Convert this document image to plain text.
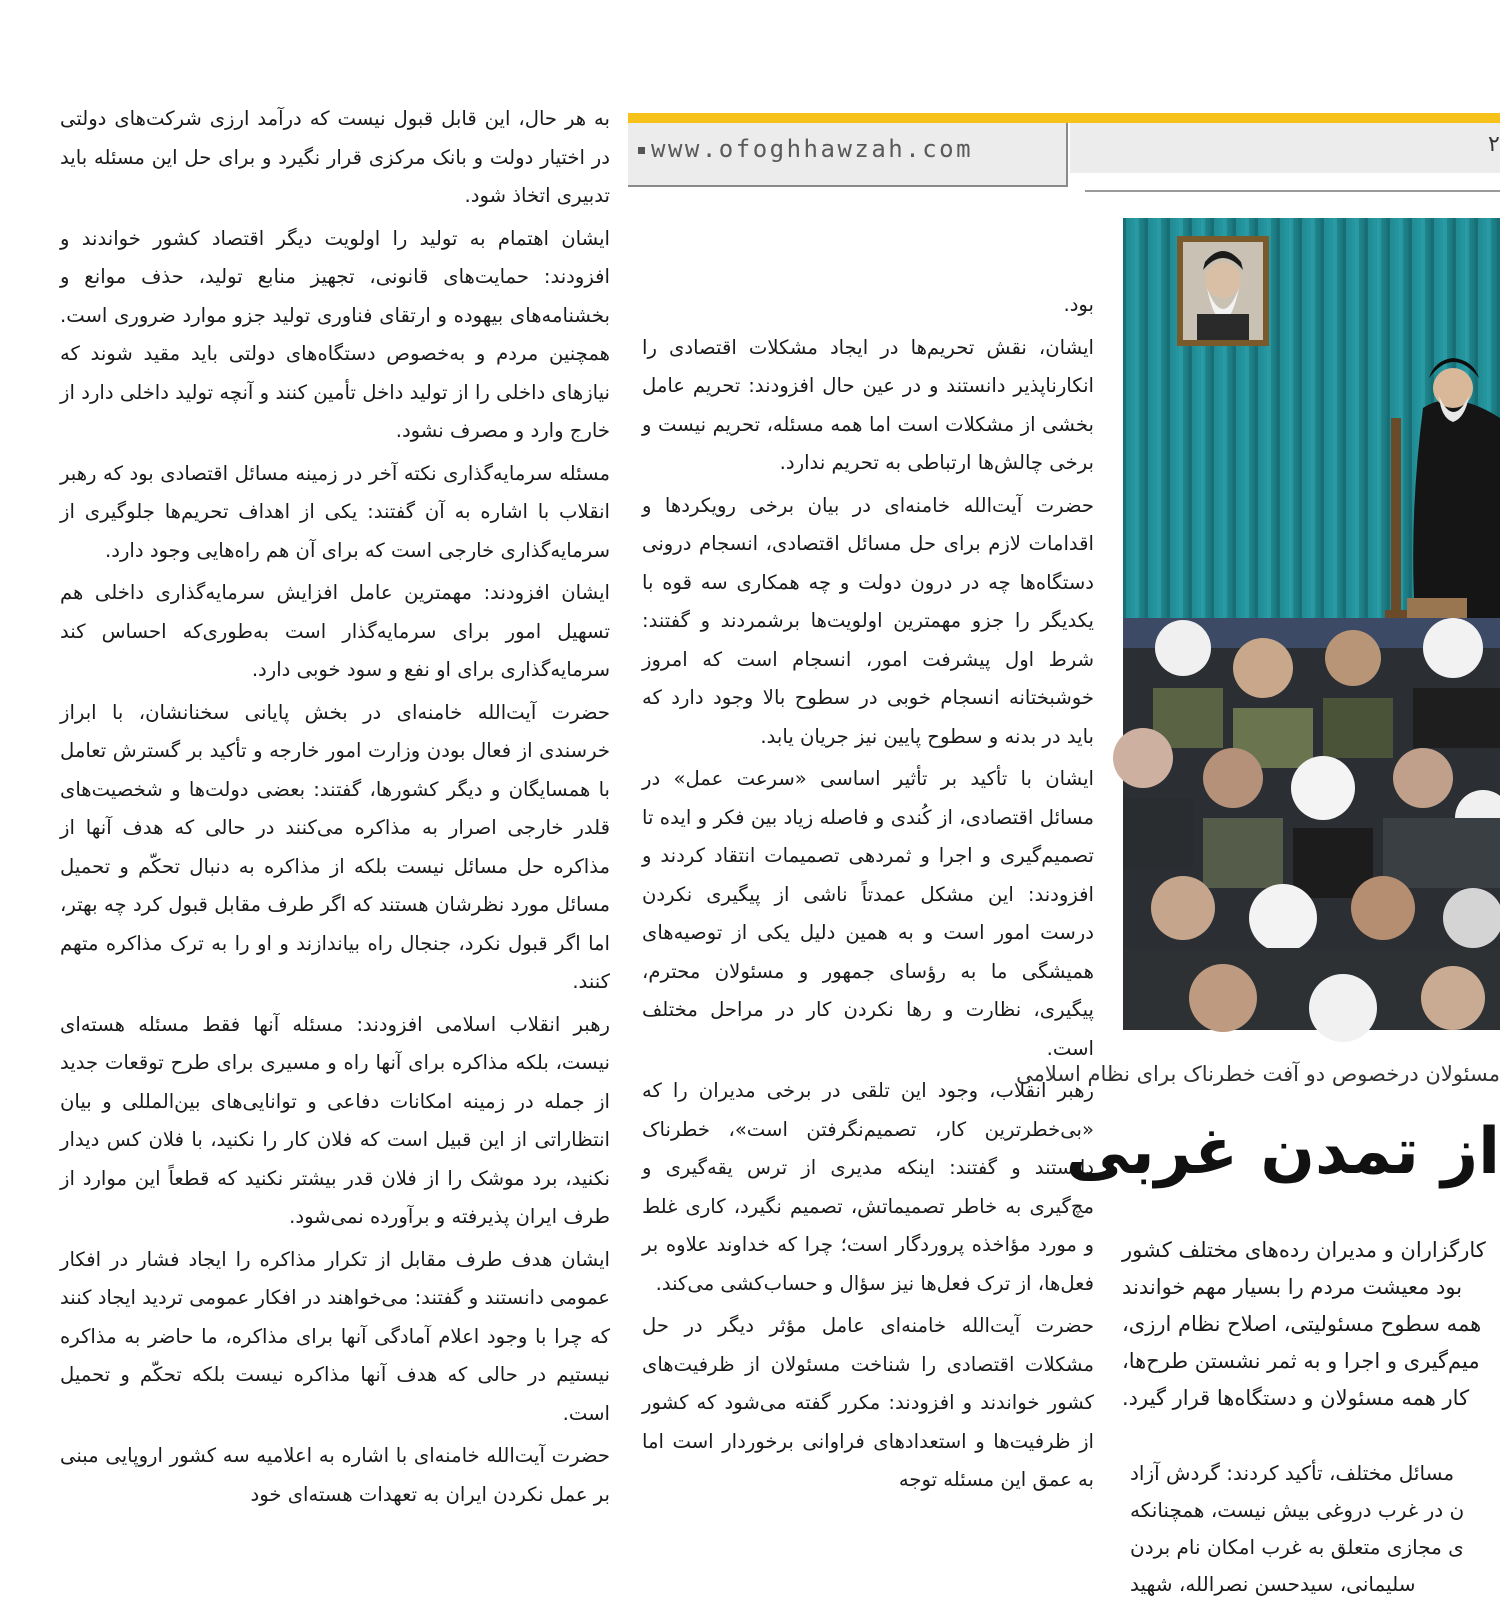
www.ofoghhawzah.com	۲

به هر حال، این قابل قبول نیست که درآمد ارزی شرکت‌های دولتی در اختیار دولت و بانک مرکزی قرار نگیرد و برای حل این مسئله باید تدبیری اتخاذ شود.

ایشان اهتمام به تولید را اولویت دیگر اقتصاد کشور خواندند و افزودند: حمایت‌های قانونی، تجهیز منابع تولید، حذف موانع و بخشنامه‌های بیهوده و ارتقای فناوری تولید جزو موارد ضروری است. همچنین مردم و به‌خصوص دستگاه‌های دولتی باید مقید شوند که نیازهای داخلی را از تولید داخل تأمین کنند و آنچه تولید داخلی دارد از خارج وارد و مصرف نشود.

مسئله سرمایه‌گذاری نکته آخر در زمینه مسائل اقتصادی بود که رهبر انقلاب با اشاره به آن گفتند: یکی از اهداف تحریم‌ها جلوگیری از سرمایه‌گذاری خارجی است که برای آن هم راه‌هایی وجود دارد.

ایشان افزودند: مهمترین عامل افزایش سرمایه‌گذاری داخلی هم تسهیل امور برای سرمایه‌گذار است به‌طوری‌که احساس کند سرمایه‌گذاری برای او نفع و سود خوبی دارد.

حضرت آیت‌الله خامنه‌ای در بخش پایانی سخنانشان، با ابراز خرسندی از فعال بودن وزارت امور خارجه و تأکید بر گسترش تعامل با همسایگان و دیگر کشورها، گفتند: بعضی دولت‌ها و شخصیت‌های قلدر خارجی اصرار به مذاکره می‌کنند در حالی که هدف آنها از مذاکره حل مسائل نیست بلکه از مذاکره به دنبال تحکّم و تحمیل مسائل مورد نظرشان هستند که اگر طرف مقابل قبول کرد چه بهتر، اما اگر قبول نکرد، جنجال راه بیاندازند و او را به ترک مذاکره متهم کنند.

رهبر انقلاب اسلامی افزودند: مسئله آنها فقط مسئله هسته‌ای نیست، بلکه مذاکره برای آنها راه و مسیری برای طرح توقعات جدید از جمله در زمینه امکانات دفاعی و توانایی‌های بین‌المللی و بیان انتظاراتی از این قبیل است که فلان کار را نکنید، با فلان کس دیدار نکنید، برد موشک را از فلان قدر بیشتر نکنید که قطعاً این موارد از طرف ایران پذیرفته و برآورده نمی‌شود.

ایشان هدف طرف مقابل از تکرار مذاکره را ایجاد فشار در افکار عمومی دانستند و گفتند: می‌خواهند در افکار عمومی تردید ایجاد کنند که چرا با وجود اعلام آمادگی آنها برای مذاکره، ما حاضر به مذاکره نیستیم در حالی که هدف آنها مذاکره نیست بلکه تحکّم و تحمیل است.

حضرت آیت‌الله خامنه‌ای با اشاره به اعلامیه سه کشور اروپایی مبنی بر عمل نکردن ایران به تعهدات هسته‌ای خود

بود.

ایشان، نقش تحریم‌ها در ایجاد مشکلات اقتصادی را انکارناپذیر دانستند و در عین حال افزودند: تحریم عامل بخشی از مشکلات است اما همه مسئله، تحریم نیست و برخی چالش‌ها ارتباطی به تحریم ندارد.

حضرت آیت‌الله خامنه‌ای در بیان برخی رویکردها و اقدامات لازم برای حل مسائل اقتصادی، انسجام درونی دستگاه‌ها چه در درون دولت و چه همکاری سه قوه با یکدیگر را جزو مهمترین اولویت‌ها برشمردند و گفتند: شرط اول پیشرفت امور، انسجام است که امروز خوشبختانه انسجام خوبی در سطوح بالا وجود دارد که باید در بدنه و سطوح پایین نیز جریان یابد.

ایشان با تأکید بر تأثیر اساسی «سرعت عمل» در مسائل اقتصادی، از کُندی و فاصله زیاد بین فکر و ایده تا تصمیم‌گیری و اجرا و ثمردهی تصمیمات انتقاد کردند و افزودند: این مشکل عمدتاً ناشی از پیگیری نکردن درست امور است و به همین دلیل یکی از توصیه‌های همیشگی ما به رؤسای جمهور و مسئولان محترم، پیگیری، نظارت و رها نکردن کار در مراحل مختلف است.

رهبر انقلاب، وجود این تلقی در برخی مدیران را که «بی‌خطرترین کار، تصمیم‌نگرفتن است»، خطرناک دانستند و گفتند: اینکه مدیری از ترس یقه‌گیری و مچ‌گیری به خاطر تصمیماتش، تصمیم نگیرد، کاری غلط و مورد مؤاخذه پروردگار است؛ چرا که خداوند علاوه بر فعل‌ها، از ترک فعل‌ها نیز سؤال و حساب‌کشی می‌کند.

حضرت آیت‌الله خامنه‌ای عامل مؤثر دیگر در حل مشکلات اقتصادی را شناخت مسئولان از ظرفیت‌های کشور خواندند و افزودند: مکرر گفته می‌شود که کشور از ظرفیت‌ها و استعدادهای فراوانی برخوردار است اما به عمق این مسئله توجه

مسئولان درخصوص دو آفت خطرناک برای نظام اسلامی
از تمدن غربی
کارگزاران و مدیران رده‌های مختلف کشور
بود معیشت مردم را بسیار مهم خواندند
همه سطوح مسئولیتی، اصلاح نظام ارزی،
میم‌گیری و اجرا و به ثمر نشستن طرح‌ها،
کار همه مسئولان و دستگاه‌ها قرار گیرد.
مسائل مختلف، تأکید کردند: گردش آزاد
ن در غرب دروغی بیش نیست، همچنانکه
ی مجازی متعلق به غرب امکان نام بردن
سلیمانی، سیدحسن نصرالله، شهید
